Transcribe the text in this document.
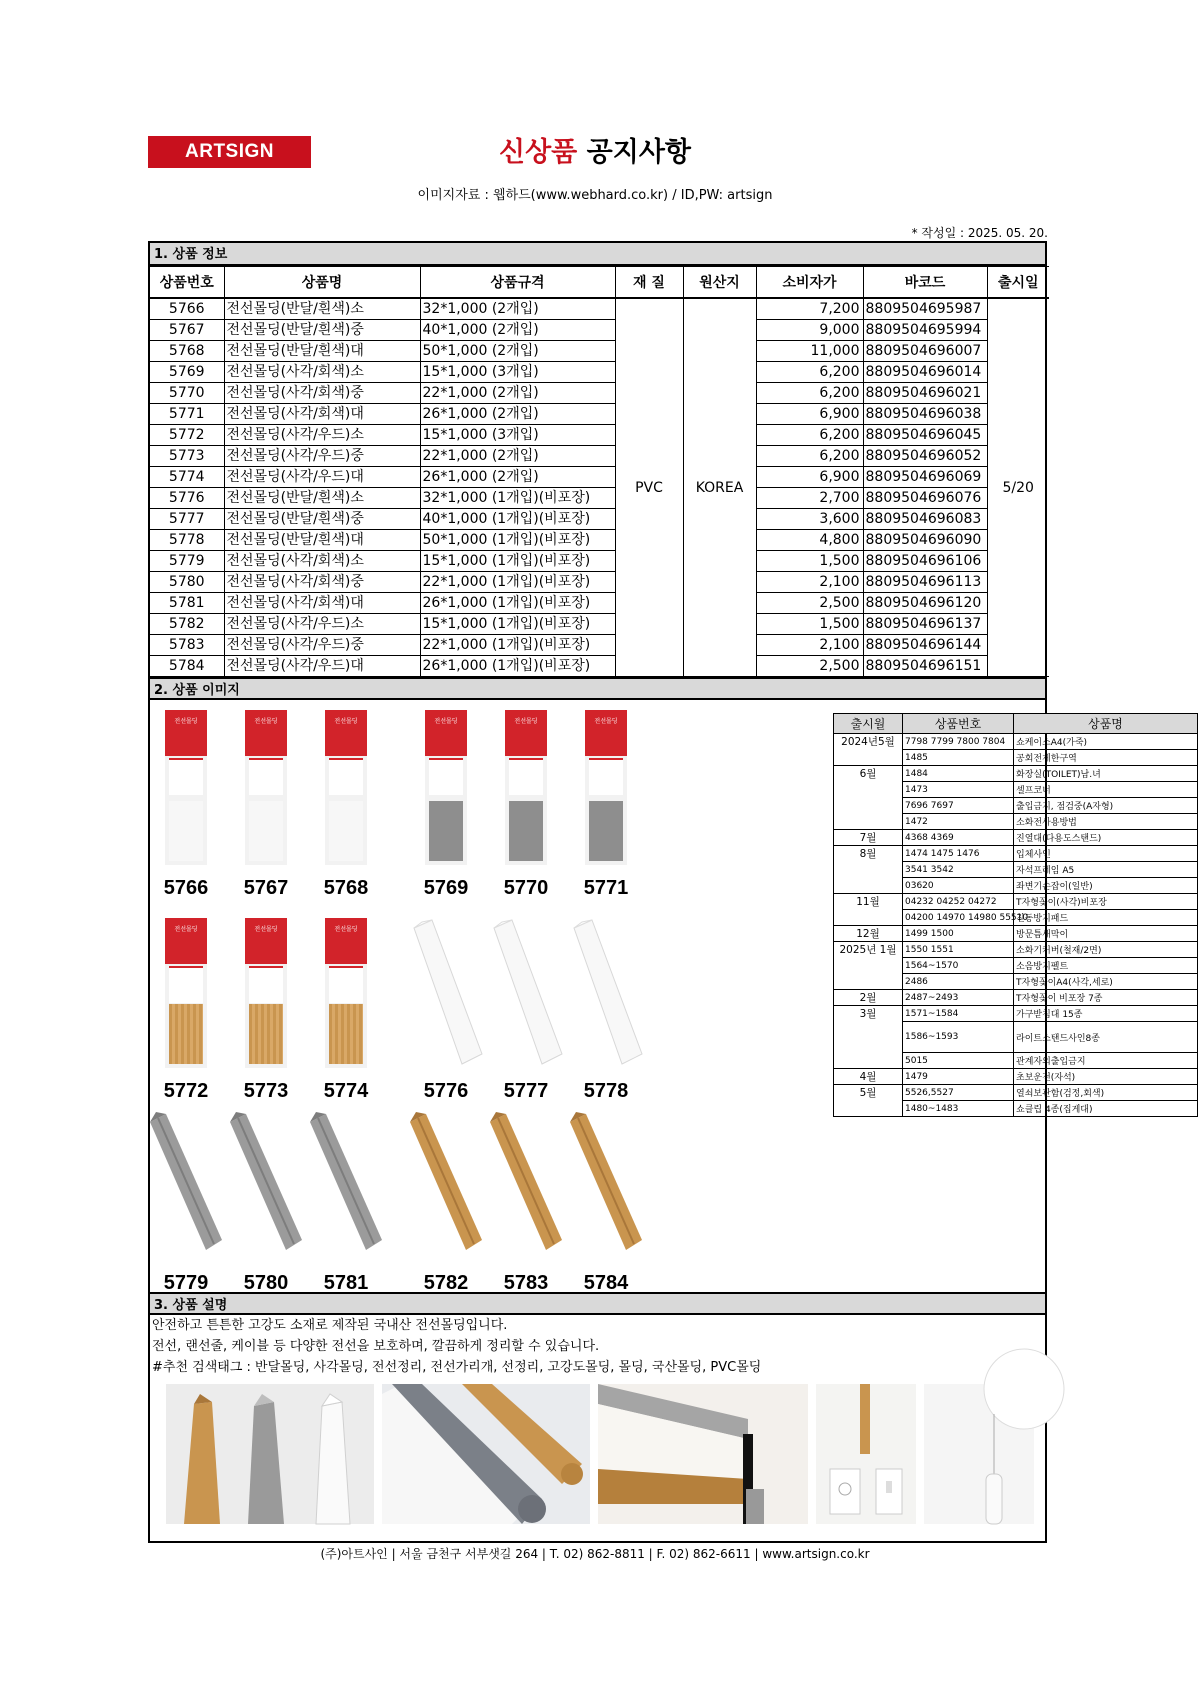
ARTSIGN	신상품 공지사항
이미지자료 : 웹하드(www.webhard.co.kr) / ID,PW: artsign
* 작성일 : 2025. 05. 20.
1. 상품 정보
상품번호	상품명	상품규격	재 질	원산지	소비자가	바코드	출시일
5766	전선몰딩(반달/흰색)소	32*1,000 (2개입)	PVC	KOREA	7,200	8809504695987	5/20
5767	전선몰딩(반달/흰색)중	40*1,000 (2개입)			9,000	8809504695994	
5768	전선몰딩(반달/흰색)대	50*1,000 (2개입)			11,000	8809504696007	
5769	전선몰딩(사각/회색)소	15*1,000 (3개입)			6,200	8809504696014	
5770	전선몰딩(사각/회색)중	22*1,000 (2개입)			6,200	8809504696021	
5771	전선몰딩(사각/회색)대	26*1,000 (2개입)			6,900	8809504696038	
5772	전선몰딩(사각/우드)소	15*1,000 (3개입)			6,200	8809504696045	
5773	전선몰딩(사각/우드)중	22*1,000 (2개입)			6,200	8809504696052	
5774	전선몰딩(사각/우드)대	26*1,000 (2개입)			6,900	8809504696069	
5776	전선몰딩(반달/흰색)소	32*1,000 (1개입)(비포장)			2,700	8809504696076	
5777	전선몰딩(반달/흰색)중	40*1,000 (1개입)(비포장)			3,600	8809504696083	
5778	전선몰딩(반달/흰색)대	50*1,000 (1개입)(비포장)			4,800	8809504696090	
5779	전선몰딩(사각/회색)소	15*1,000 (1개입)(비포장)			1,500	8809504696106	
5780	전선몰딩(사각/회색)중	22*1,000 (1개입)(비포장)			2,100	8809504696113	
5781	전선몰딩(사각/회색)대	26*1,000 (1개입)(비포장)			2,500	8809504696120	
5782	전선몰딩(사각/우드)소	15*1,000 (1개입)(비포장)			1,500	8809504696137	
5783	전선몰딩(사각/우드)중	22*1,000 (1개입)(비포장)			2,100	8809504696144	
5784	전선몰딩(사각/우드)대	26*1,000 (1개입)(비포장)			2,500	8809504696151	
2. 상품 이미지
출시월	상품번호	상품명
2024년5월	7798 7799 7800 7804	쇼케이스A4(가죽)
	1485	공회전제한구역
6월	1484	화장실(TOILET)남.녀
	1473	셀프코너
	7696 7697	출입금지, 점검중(A자형)
	1472	소화전사용방법
7월	4368 4369	진열대(다용도스탠드)
8월	1474 1475 1476	입체사인
	3541 3542	자석프레임 A5
	03620	좌변기손잡이(일반)
11월	04232 04252 04272	T자형꽂이(사각)비포장
	04200 14970 14980 55510	진동방지패드
12월	1499 1500	방문틈새막이
2025년 1월	1550 1551	소화기커버(철재/2면)
	1564~1570	소음방지펠트
	2486	T자형꽂이A4(사각,세로)
2월	2487~2493	T자형꽂이 비포장 7종
3월	1571~1584	가구받침대 15종
	1586~1593	라이트스탠드사인8종
	5015	관계자외출입금지
4월	1479	초보운전(자석)
5월	5526,5527	열쇠보관함(검정,회색)
	1480~1483	쇼클립 4종(집게대)
전선몰딩
5766
전선몰딩
5767
전선몰딩
5768
전선몰딩
5769
전선몰딩
5770
전선몰딩
5771
전선몰딩
5772
전선몰딩
5773
전선몰딩
5774	5776 5777 5778
5779 5780 5781	5782 5783 5784
3. 상품 설명
안전하고 튼튼한 고강도 소재로 제작된 국내산 전선몰딩입니다.
전선, 랜선줄, 케이블 등 다양한 전선을 보호하며, 깔끔하게 정리할 수 있습니다.
#추천 검색태그 : 반달몰딩, 사각몰딩, 전선정리, 전선가리개, 선정리, 고강도몰딩, 몰딩, 국산몰딩, PVC몰딩
(주)아트사인 | 서울 금천구 서부샛길 264 | T. 02) 862-8811 | F. 02) 862-6611 | www.artsign.co.kr
